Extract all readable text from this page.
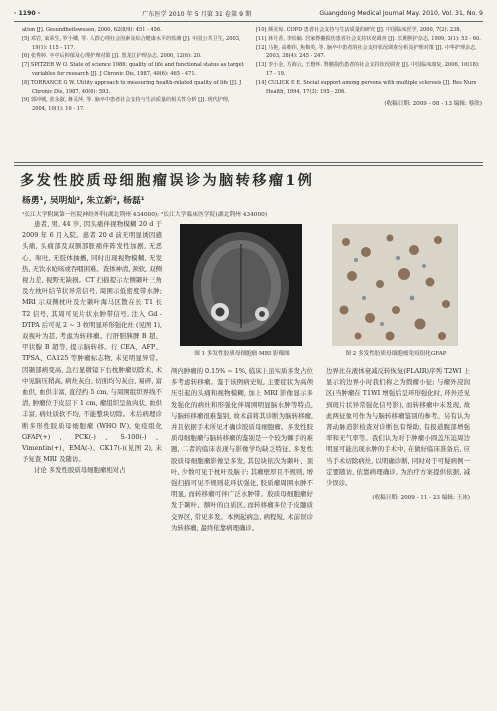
· 1190 ·	广东医学 2010 年 5 月第 31 卷第 9 期	Guangdong Medical Journal May. 2010, Vol. 31, No. 9

ation [J]. Gesundheitswesen, 2000, 62(8/9): 451 - 456.

[5] 邓岩, 栾荣生, 罗小卿, 等. 人群心理社会因素及综合健康水平的监测 [J]. 中国公共卫生, 2003, 19(1): 115 - 117.

[6] 张秀婷. 卒中后抑郁及心理护理对策 [J]. 黑龙江护理杂志, 2000, 12(6): 20.

[7] SPITZER W O. State of science 1986: quality of life and functional status as target variables for research [J]. J Chronic Dis, 1987, 40(6): 465 - 471.

[8] TORRANCE G W. Utility approach to measuring health-related quality of life [J]. J Chronic Dis, 1987, 40(6): 593.

[9] 郭冲城, 张永淑, 蒋灵萍, 等. 脑卒中患者社会支持与生活质量的相关性分析 [J]. 现代护理, 2004, 10(1): 16 - 17.

[10] 颜美琼. COPD 患者社会支持与生活质量的研究 [J]. 中国临床医学, 2000, 7(2): 238.

[11] 林月香, 李恰颖. 居家脊髓损伤患者社会支持状况调查 [J]. 长期照护杂志, 1999, 3(1): 53 - 60.

[12] 马艳, 高朝伟, 焦梅英, 等. 脑卒中患者的社会支持状况调查分析及护理对策 [J]. 中华护理杂志, 2003, 38(4): 245 - 247.

[13] 李小金, 方海云, 王想怀. 脊髓损伤患者的社会支持状况调查 [J]. 中国临床康复, 2006, 10(18): 17 - 19.

[14] CULICK E E. Social support among persons with multiple sclerosis [J]. Res Nurs Health, 1994, 17(3): 195 - 206.

(收稿日期: 2009 - 08 - 13 编辑: 蔡欣)
多发性胶质母细胞瘤误诊为脑转移瘤1例
杨勇¹, 吴明灿², 朱立新², 杨磊¹
¹长江大学附属第一医院神经外科(湖北荆州 434000); ²长江大学临床医学院(湖北荆州 434000)

患者, 男, 44 岁, 因头痛伴视物模糊 20 d 于 2009 年 6 月入院。患者 20 d 前无明显诱因感头痛, 头痛部及双额部胀痛伴阵发性加剧, 无恶心、呕吐, 无肢体抽搐, 同时出现视物模糊, 无发热, 无饮水呛咳或吞咽困难。查体神清, 颈软, 双侧视力差, 视野无缺损。CT 扫描提示左侧颞叶三角及左枕叶结节状异常信号, 周围示低密度带水肿; MRI 示双侧枕叶及左颞叶海马区散在长 T1 长 T2 信号, 其周可见片状水肿带信号, 注入 Gd - DTPA 后可见 2 ~ 3 枚明显环形强化灶 (见图 1), 双视叶为甚, 考虑为转移瘤。行肝胆胰脾 B 超、甲状腺 B 超等, 提示脑转移。行 CEA、AFP、TPSA、CA125 等肿瘤标志物, 未见明显异常。因颞部病变高, 急行显微镜下右枕肿瘤切除术, 术中见脑压稍高, 病灶灰白, 切面均匀灰白, 易碎, 富血供, 血供丰富, 直径约 5 cm, 与周围组织界线不清, 肿瘤位于皮层下 1 cm, 瘤组织呈鱼肉状, 血供丰富, 病灶质软不均, 不能整块切除。术后病理诊断多形性胶质母细胞瘤 (WHO Ⅳ), 免疫组化 GFAP(+)、PCK(-)、S-100(-)、Vimentin(+)、EMA(-)、CK17(-)(见图 2), 未予复查 MRI 及随访。

讨论 多发性胶质母细胞瘤相对占

图 1 多发性胶质母细胞瘤 MRI 影像图	图 2 多发性胶质母细胞瘤免疫组化GFAP

颅内肿瘤的 0.15% ~ 1%, 临床上虽实质多发占位多考虑转移瘤。鉴于该例病史短, 主要症状为高颅压引起的头痛和视物模糊, 加上 MRI 影像显示多发强化的病灶和形强化伴周围明显脑水肿等特点, 与脑转移瘤很难鉴别, 故术前将其诊断为脑转移瘤, 并且依据手术所见才确诊胶质母细胞瘤。多发性胶质母细胞瘤与脑转移瘤的鉴别是一个较为棘手的难题, 二者的临床表现与影像学均缺乏特征, 多发性胶质母细胞瘤影像呈多发, 其包块依次为颞叶、顶叶, 少数可见于枕叶及脑干; 其瘤壁厚且不规则, 增强扫描可见不规则花环状强化, 胶质瘤周围水肿不明显, 而转移瘤可伴广泛水肿带。胶质母细胞瘤好发于颞叶、额叶的白质区, 而转移瘤多位于皮髓质交界区, 常见多发。本例起病急, 病程短, 术前误诊为转移瘤, 最终依靠病理确诊。

边界比在液体衰减反转恢复(FLAIR)序列 T2WI 上显示的边界小时我们称之为假瘤小征; 与瘤外浸润区(当肿瘤在 T1WI 增强后呈环形强化时, 环外还见到斑片状异常强化信号影), 而转移瘤中未发现, 故此两征象可作为与脑转移瘤鉴别的参考。另有认为肾动脉造影检查对诊断也有帮助, 有报道腹部增强率和无气率等。我们认为对于肿瘤小圆盖压迫周边明显可能出现水肿的手术中, 在做好临床准备后, 应当手术切除病灶, 以明确诊断, 同时对于可疑病例一定要随访, 依靠病理确诊, 为治疗方案提供依据, 减少误诊。

(收稿日期: 2009 - 11 - 23 编辑: 王冰)
